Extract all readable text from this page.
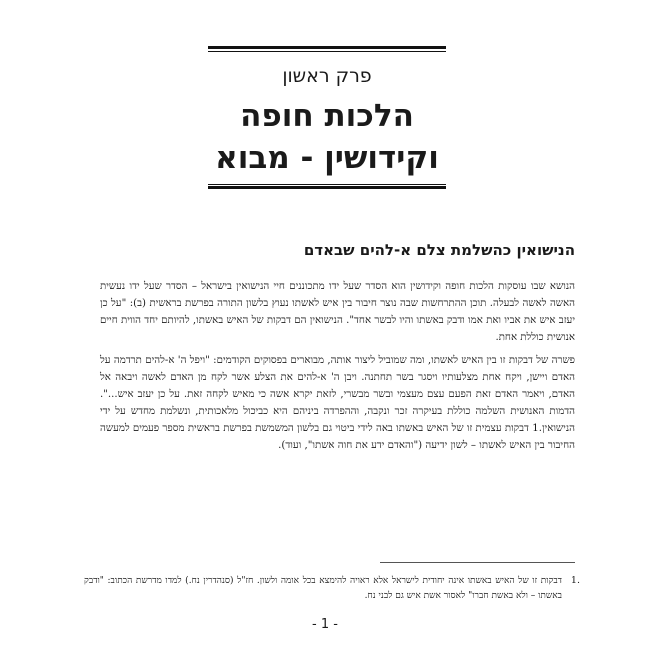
פרק ראשון
הלכות חופה
וקידושין - מבוא
הנישואין כהשלמת צלם א-להים שבאדם
הנושא שבו עוסקות הלכות חופה וקידושין הוא הסדר שעל ידו מתכוננים חיי הנישואין בישראל – הסדר שעל ידו נעשית האשה לאשה לבעלה. תוכן ההתרחשות שבה נוצר חיבור בין איש לאשתו נעוץ בלשון התורה בפרשת בראשית (ב): "על כן יעזב איש את אביו ואת אמו ודבק באשתו והיו לבשר אחד". הנישואין הם דבקות של האיש באשתו, להיותם יחד הווית חיים אנושית כוללת אחת.
פשרה של דבקות זו בין האיש לאשתו, ומה שמוביל ליצור אותה, מבוארים בפסוקים הקודמים: "ויפל ה' א-להים תרדמה על האדם ויישן, ויקח אחת מצלעותיו ויסגר בשר תחתנה. ויבן ה' א-להים את הצלע אשר לקח מן האדם לאשה ויבאה אל האדם, ויאמר האדם זאת הפעם עצם מעצמי ובשר מבשרי, לזאת יקרא אשה כי מאיש לקחה זאת. על כן יעזב איש...". הדמות האנושית השלמה כוללת בעיקרה זכר ונקבה, וההפרדה ביניהם היא כביכול מלאכותית, ונשלמת מחדש על ידי הנישואין.1 דבקות עצמית זו של האיש באשתו באה לידי ביטוי גם בלשון המשמשת בפרשת בראשית מספר פעמים למעשה החיבור בין האיש לאשתו – לשון ידיעה ("והאדם ידע את חוה אשתו", ועוד).
1.
דבקות זו של האיש באשתו אינה יחודית לישראל אלא ראויה להימצא בכל אומה ולשון. חז"ל (סנהדרין נח.) למדו מדרשת הכתוב: "ודבק באשתו – ולא באשת חברו" לאסור אשת איש גם לבני נח.
- 1 -
